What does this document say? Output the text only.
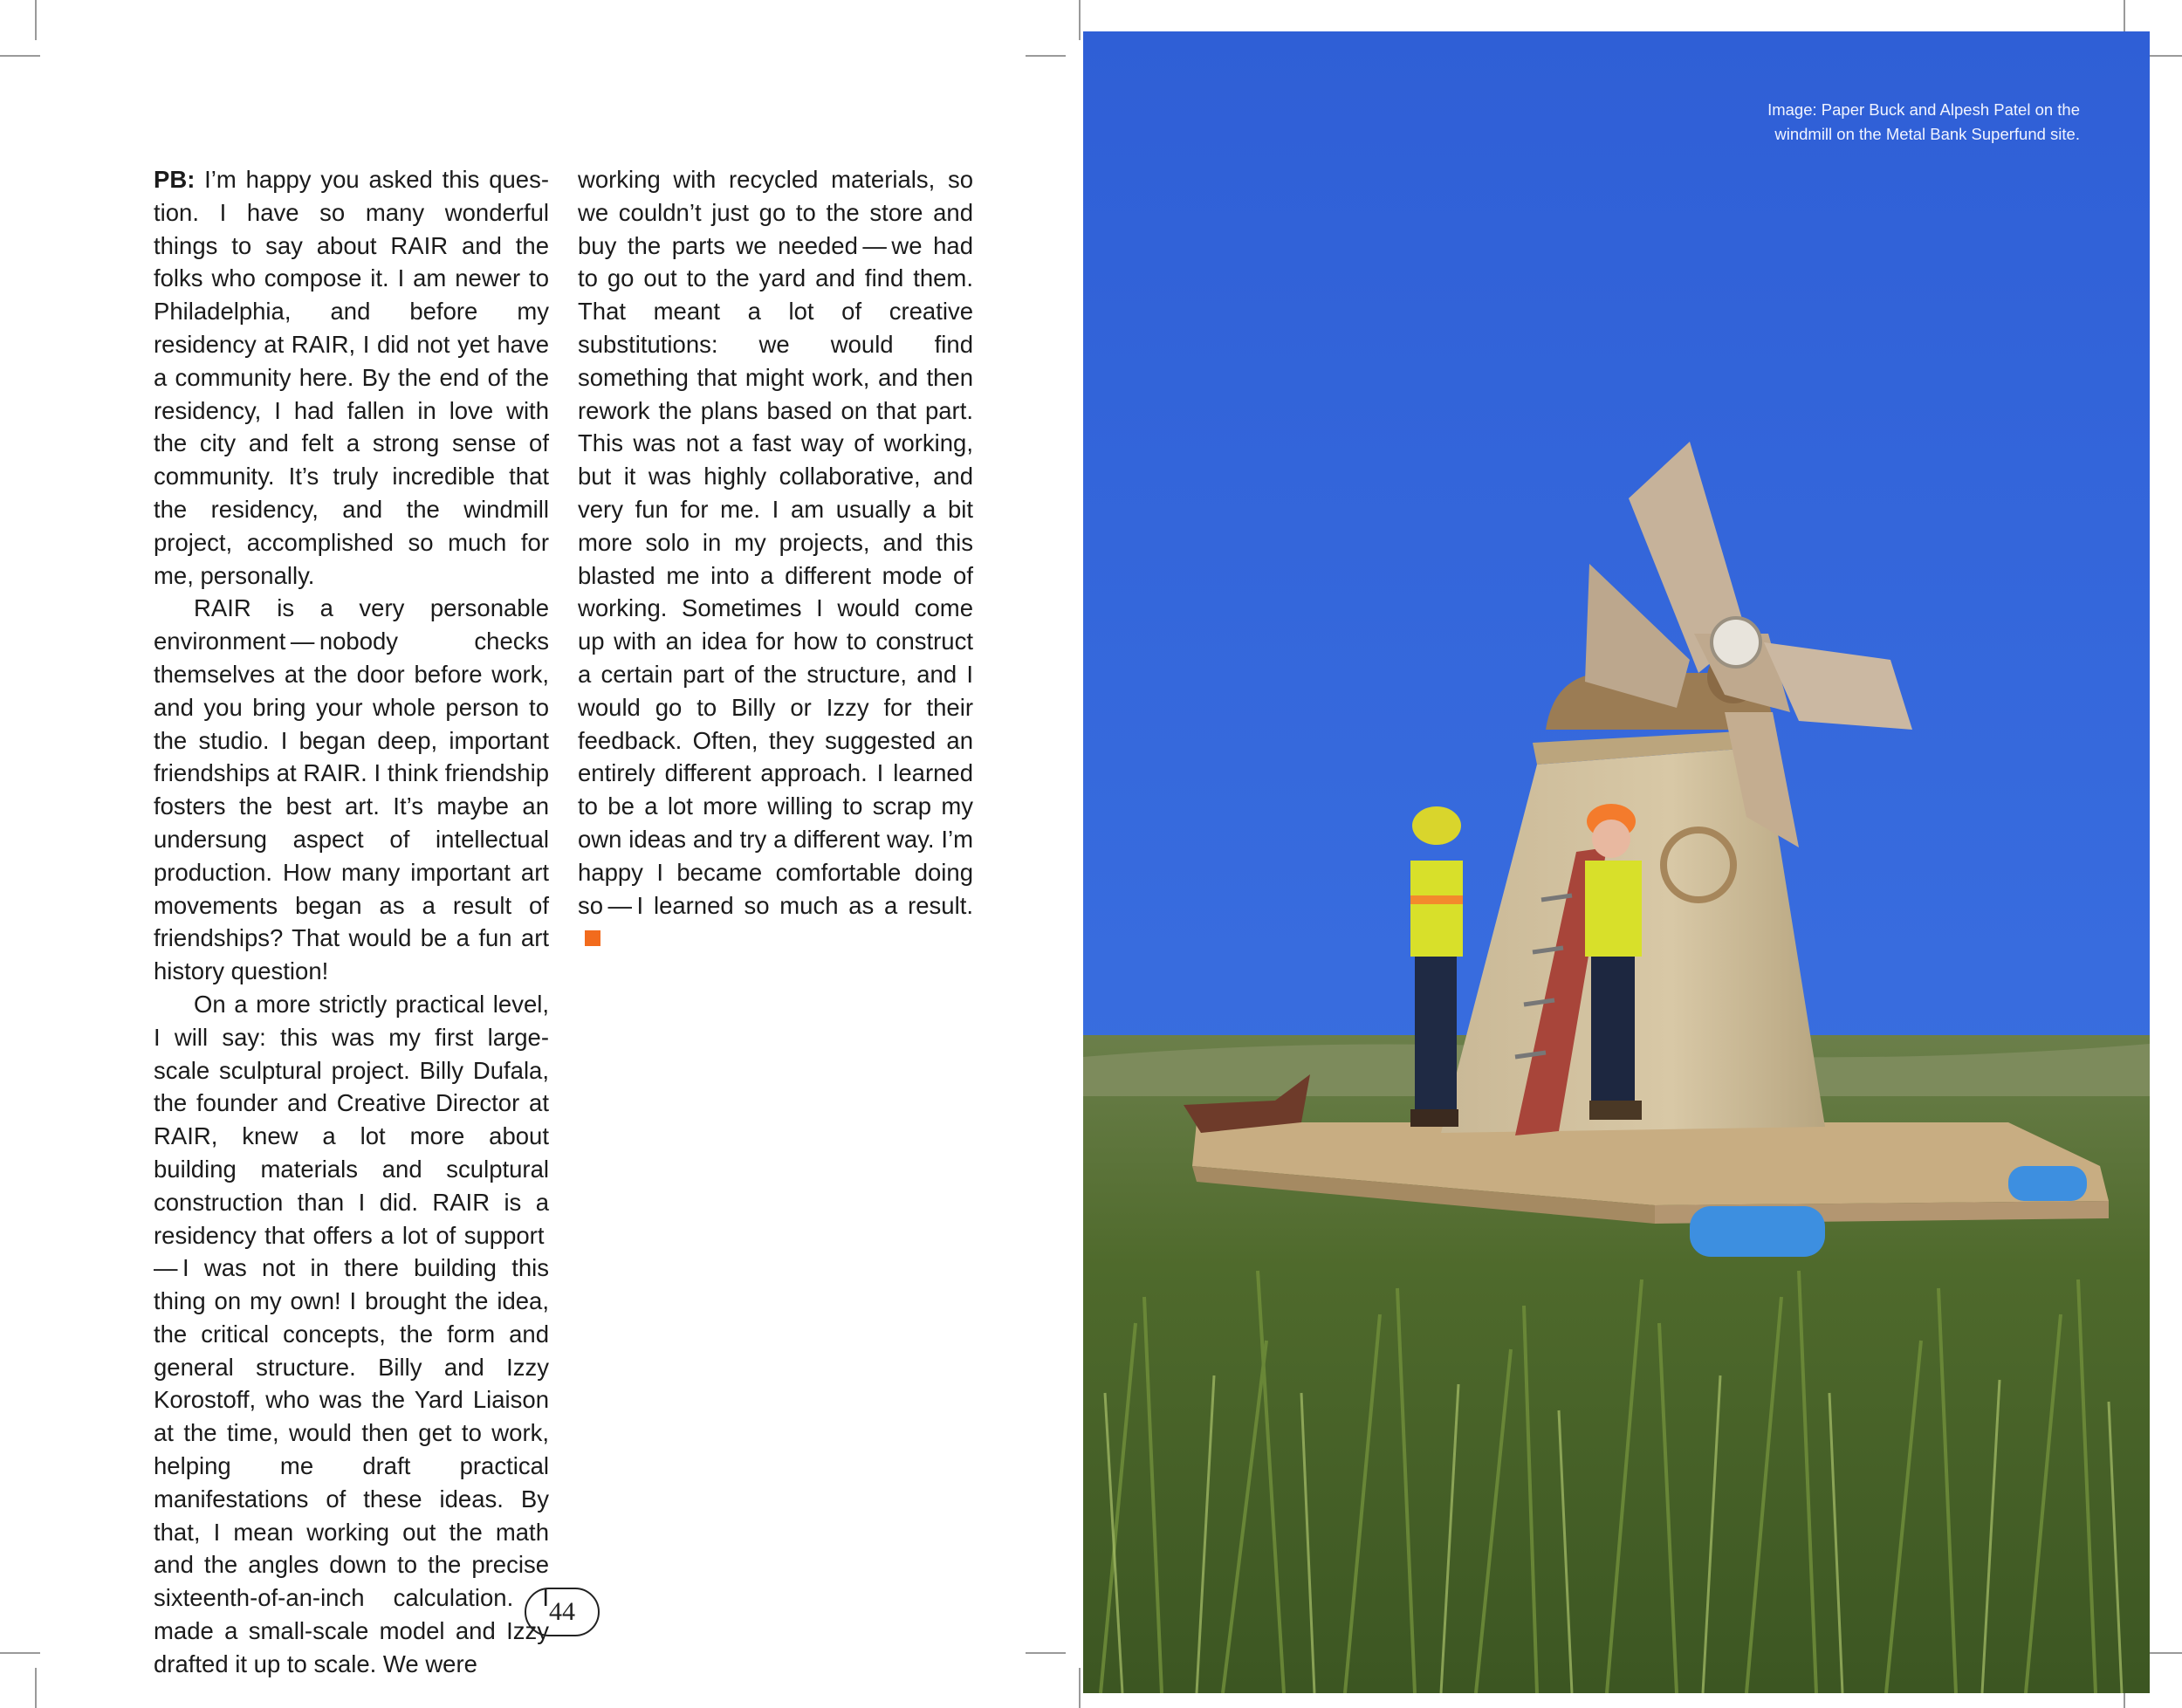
PB: I’m happy you asked this question. I have so many wonderful things to say about RAIR and the folks who compose it. I am newer to Philadelphia, and before my residency at RAIR, I did not yet have a community here. By the end of the residency, I had fallen in love with the city and felt a strong sense of community. It’s truly incredible that the residency, and the windmill project, accomplished so much for me, personally.

RAIR is a very personable environment — nobody checks themselves at the door before work, and you bring your whole person to the studio. I began deep, important friendships at RAIR. I think friendship fosters the best art. It’s maybe an undersung aspect of intellectual production. How many important art movements began as a result of friendships? That would be a fun art history question!

On a more strictly practical level, I will say: this was my first large-scale sculptural project. Billy Dufala, the founder and Creative Director at RAIR, knew a lot more about building materials and sculptural construction than I did. RAIR is a residency that offers a lot of support — I was not in there building this thing on my own! I brought the idea, the critical concepts, the form and general structure. Billy and Izzy Korostoff, who was the Yard Liaison at the time, would then get to work, helping me draft practical manifestations of these ideas. By that, I mean working out the math and the angles down to the precise sixteenth-of-an-inch calculation. I made a small-scale model and Izzy drafted it up to scale. We were

working with recycled materials, so we couldn’t just go to the store and buy the parts we needed — we had to go out to the yard and find them. That meant a lot of creative substitutions: we would find something that might work, and then rework the plans based on that part. This was not a fast way of working, but it was highly collaborative, and very fun for me. I am usually a bit more solo in my projects, and this blasted me into a different mode of working. Sometimes I would come up with an idea for how to construct a certain part of the structure, and I would go to Billy or Izzy for their feedback. Often, they suggested an entirely different approach. I learned to be a lot more willing to scrap my own ideas and try a different way. I’m happy I became comfortable doing so — I learned so much as a result.

44
Image: Paper Buck and Alpesh Patel on the
windmill on the Metal Bank Superfund site.
